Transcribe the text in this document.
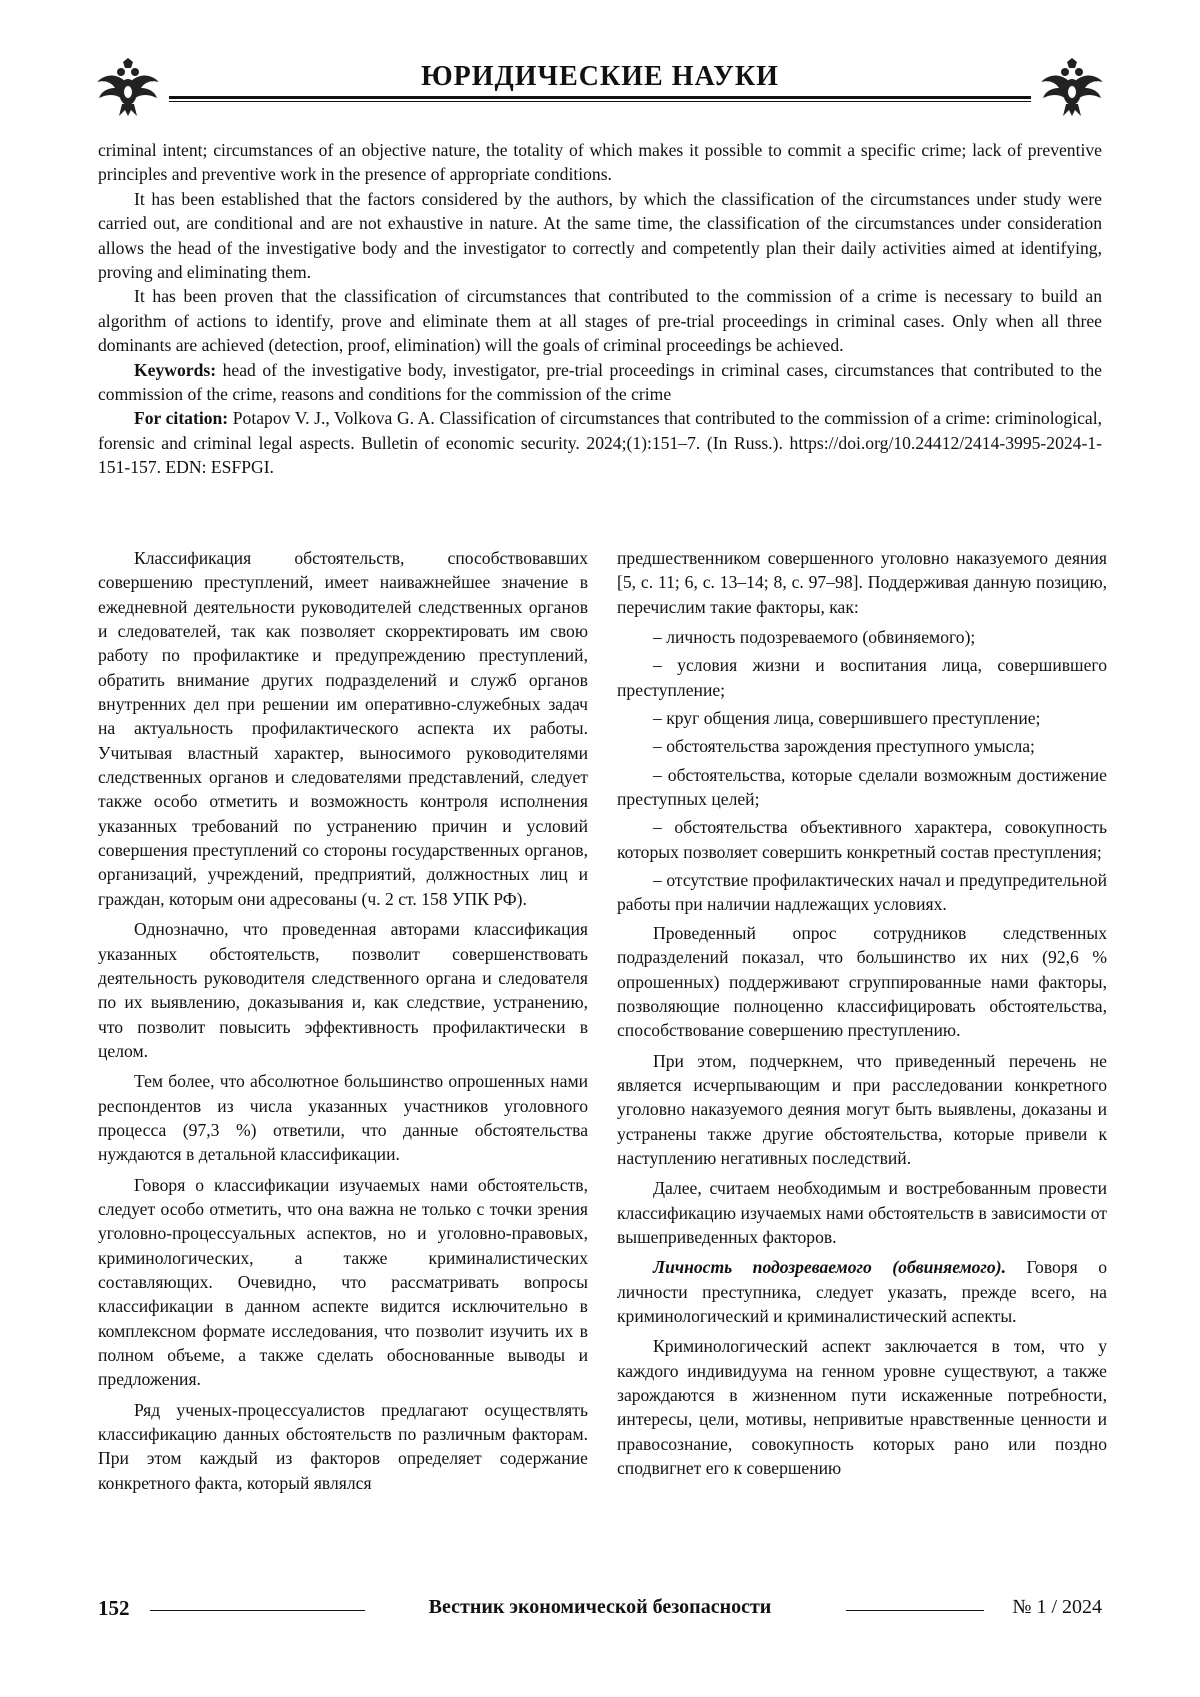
ЮРИДИЧЕСКИЕ НАУКИ

criminal intent; circumstances of an objective nature, the totality of which makes it possible to commit a specific crime; lack of preventive principles and preventive work in the presence of appropriate conditions.

It has been established that the factors considered by the authors, by which the classification of the circumstances under study were carried out, are conditional and are not exhaustive in nature. At the same time, the classification of the circumstances under consideration allows the head of the investigative body and the investigator to correctly and competently plan their daily activities aimed at identifying, proving and eliminating them.

It has been proven that the classification of circumstances that contributed to the commission of a crime is necessary to build an algorithm of actions to identify, prove and eliminate them at all stages of pre-trial proceedings in criminal cases. Only when all three dominants are achieved (detection, proof, elimination) will the goals of criminal proceedings be achieved.

Keywords: head of the investigative body, investigator, pre-trial proceedings in criminal cases, circumstances that contributed to the commission of the crime, reasons and conditions for the commission of the crime

For citation: Potapov V. J., Volkova G. A. Classification of circumstances that contributed to the commission of a crime: criminological, forensic and criminal legal aspects. Bulletin of economic security. 2024;(1):151–7. (In Russ.). https://doi.org/10.24412/2414-3995-2024-1-151-157. EDN: ESFPGI.

Классификация обстоятельств, способствовавших совершению преступлений, имеет наиважнейшее значение в ежедневной деятельности руководителей следственных органов и следователей, так как позволяет скорректировать им свою работу по профилактике и предупреждению преступлений, обратить внимание других подразделений и служб органов внутренних дел при решении им оперативно-служебных задач на актуальность профилактического аспекта их работы. Учитывая властный характер, выносимого руководителями следственных органов и следователями представлений, следует также особо отметить и возможность контроля исполнения указанных требований по устранению причин и условий совершения преступлений со стороны государственных органов, организаций, учреждений, предприятий, должностных лиц и граждан, которым они адресованы (ч. 2 ст. 158 УПК РФ).

Однозначно, что проведенная авторами классификация указанных обстоятельств, позволит совершенствовать деятельность руководителя следственного органа и следователя по их выявлению, доказывания и, как следствие, устранению, что позволит повысить эффективность профилактически в целом.

Тем более, что абсолютное большинство опрошенных нами респондентов из числа указанных участников уголовного процесса (97,3 %) ответили, что данные обстоятельства нуждаются в детальной классификации.

Говоря о классификации изучаемых нами обстоятельств, следует особо отметить, что она важна не только с точки зрения уголовно-процессуальных аспектов, но и уголовно-правовых, криминологических, а также криминалистических составляющих. Очевидно, что рассматривать вопросы классификации в данном аспекте видится исключительно в комплексном формате исследования, что позволит изучить их в полном объеме, а также сделать обоснованные выводы и предложения.

Ряд ученых-процессуалистов предлагают осуществлять классификацию данных обстоятельств по различным факторам. При этом каждый из факторов определяет содержание конкретного факта, который являлся

предшественником совершенного уголовно наказуемого деяния [5, с. 11; 6, с. 13–14; 8, с. 97–98]. Поддерживая данную позицию, перечислим такие факторы, как:

– личность подозреваемого (обвиняемого);

– условия жизни и воспитания лица, совершившего преступление;

– круг общения лица, совершившего преступление;

– обстоятельства зарождения преступного умысла;

– обстоятельства, которые сделали возможным достижение преступных целей;

– обстоятельства объективного характера, совокупность которых позволяет совершить конкретный состав преступления;

– отсутствие профилактических начал и предупредительной работы при наличии надлежащих условиях.

Проведенный опрос сотрудников следственных подразделений показал, что большинство их них (92,6 % опрошенных) поддерживают сгруппированные нами факторы, позволяющие полноценно классифицировать обстоятельства, способствование совершению преступлению.

При этом, подчеркнем, что приведенный перечень не является исчерпывающим и при расследовании конкретного уголовно наказуемого деяния могут быть выявлены, доказаны и устранены также другие обстоятельства, которые привели к наступлению негативных последствий.

Далее, считаем необходимым и востребованным провести классификацию изучаемых нами обстоятельств в зависимости от вышеприведенных факторов.

Личность подозреваемого (обвиняемого). Говоря о личности преступника, следует указать, прежде всего, на криминологический и криминалистический аспекты.

Криминологический аспект заключается в том, что у каждого индивидуума на генном уровне существуют, а также зарождаются в жизненном пути искаженные потребности, интересы, цели, мотивы, непривитые нравственные ценности и правосознание, совокупность которых рано или поздно сподвигнет его к совершению

152	Вестник экономической безопасности	№ 1 / 2024
